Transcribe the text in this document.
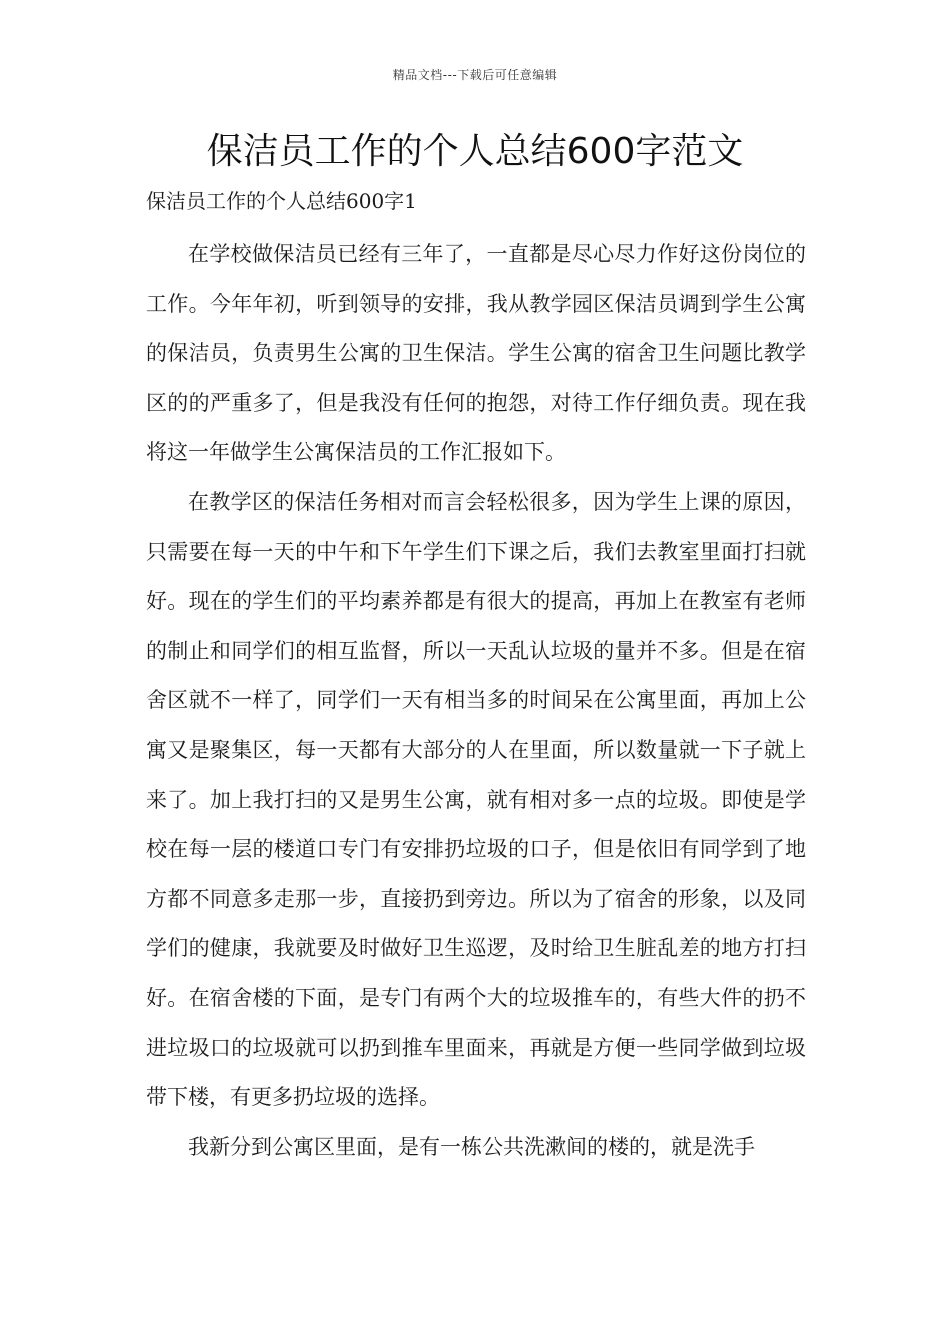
精品文档---下载后可任意编辑
保洁员工作的个人总结600字范文
保洁员工作的个人总结600字1

在学校做保洁员已经有三年了，一直都是尽心尽力作好这份岗位的工作。今年年初，听到领导的安排，我从教学园区保洁员调到学生公寓的保洁员，负责男生公寓的卫生保洁。学生公寓的宿舍卫生问题比教学区的的严重多了，但是我没有任何的抱怨，对待工作仔细负责。现在我将这一年做学生公寓保洁员的工作汇报如下。

在教学区的保洁任务相对而言会轻松很多，因为学生上课的原因，只需要在每一天的中午和下午学生们下课之后，我们去教室里面打扫就好。现在的学生们的平均素养都是有很大的提高，再加上在教室有老师的制止和同学们的相互监督，所以一天乱认垃圾的量并不多。但是在宿舍区就不一样了，同学们一天有相当多的时间呆在公寓里面，再加上公寓又是聚集区，每一天都有大部分的人在里面，所以数量就一下子就上来了。加上我打扫的又是男生公寓，就有相对多一点的垃圾。即使是学校在每一层的楼道口专门有安排扔垃圾的口子，但是依旧有同学到了地方都不同意多走那一步，直接扔到旁边。所以为了宿舍的形象，以及同学们的健康，我就要及时做好卫生巡逻，及时给卫生脏乱差的地方打扫好。在宿舍楼的下面，是专门有两个大的垃圾推车的，有些大件的扔不进垃圾口的垃圾就可以扔到推车里面来，再就是方便一些同学做到垃圾带下楼，有更多扔垃圾的选择。

我新分到公寓区里面，是有一栋公共洗漱间的楼的，就是洗手
